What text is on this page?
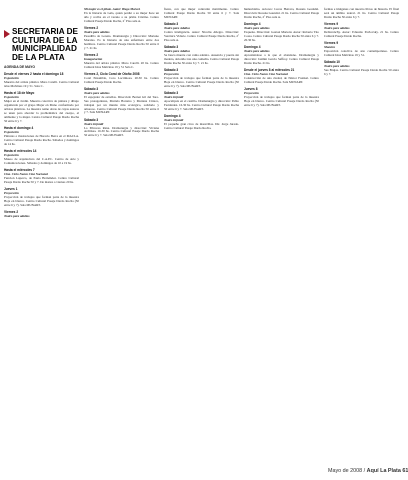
SECRETARIA DE CULTURA DE LA MUNICIPALIDAD DE LA PLATA
AGENDA DE MAYO
Desde el viernes 2 hasta el domingo 18
Exposición
Muestra del artista plástico Muro Carelli. Centro Cultural islas Malvinas 19 y 51. Sala C.
Hasta el 18 de Mayo
Exposición
Mujer en el Jardín. Muestra colectiva de pintura y dibujo organizada por el grupo Mujer en Mano conformado por artistas plásticas. La muestra reúne obras de cuyas autoras se unen para abordar la problemática del cuerpo, el ambiente y la mujer. Centro Cultural Pasaje Dardo Rocha 50 entre 6 y 7.
Hasta el domingo 4
Exposición
Pinturas e ilustraciones de Horacio Berra en el MACLA. Centro Cultural Pasaje Dardo Rocha. Sábados y domingos de 14 hs.
Hasta el miércoles 14
Exposición
Museo de arquitectura del C.A.P.C. Centro de Arte y Comunicaciones. Sábados y domingos de 10 a 19 hs.
Hasta el miércoles 7
Cine. Ciclo Nuevo Cine Nacional
Funcion Luperca, de Paula Hernández. Centro Cultural Pasaje Dardo Rocha 50 y 7. De martes a viernes 20 hs.
Jueves 1
Proyección
Proyección de trabajos que forman parte de la muestra Hoja en blanco. Centro Cultural Pasaje Dardo Rocha (50 entre 6 y 7). Sala MUNART.
Viernes 2
Teatro para adultos
Mi mujer es el piloto. Autor: Hugo Marcel.
En la historia de Gala, quien perdió a su mujer hace un año y recibe en el verano a su prima Cristina. Centro Cultural Pasaje Dardo Rocha, 2º Piso sala A.
Viernes 2
Teatro para adultos
Pesadilla de Lorena. Dramaturgia y Dirección: Mariano Morales. Es la historia de una enfermera entre dos hombres. Centro Cultural Pasaje Dardo Rocha 50 entre 6 y 7. 21 hs.
Viernes 2
Inauguración
Muestra del artista plástico Muro Carelli. 20 hs. Centro Cultural Islas Malvinas 19 y 51 Sala C.
Viernes 2, Ciclo Coral de Otoño 2008
Coral Ensamble, Coro Lacrimosa. 20.30 hs. Centro Cultural Pasaje Dardo Rocha.
Sábado 3
Teatro para adultos
El espejador de estrellas. Dirección: Bernat Gil del Toro. Sus protagonistas, Mariela Barreiro y Mariana Ciriaco, trabajan por un mundo más ecológico, solidario y amoroso. Centro Cultural Pasaje Dardo Rocha 50 entre 6 y 7. Sala MUNART.
Sábado 3
Teatro Infantil
La Princesa Rana. Dramaturgia y dirección: Viviana Arditissa. 16.30 hs. Centro Cultural Pasaje Dardo Rocha 50 entre 6 y 7. Sala MUNART.
fiesta, con que mujer contrarán matrimonio. Centro Cultural Pasaje Dardo Rocha 50 entre 6 y 7. Sala MUNART.
Sábado 3
Teatro para Adultos
Contra inteligencia. Autor: Nicolás Allegro. Dirección: Verónica Vidarte. Centro Cultural Pasaje Dardo Rocha, 2º Piso sala A.
Sábado 3
Teatro para Adultos
Se busca muerte con cama adentro. Ausencia y puerta sin madera, dolorido tras una comedia. Centro Cultural Pasaje Dardo Rocha 50 entre 6 y 7. 21 hs.
Sábado 3
Proyección
Proyección de trabajos que forman parte de la muestra Hoja en blanco. Centro Cultural Pasaje Dardo Rocha (50 entre 6 y 7). Sala MUNART.
Sábado 3
Teatro Infantil
Apocalipsis en el castillo. Dramaturgia y dirección: Pablo Fernández. 16.30 hs. Centro Cultural Pasaje Dardo Rocha 50 entre 6 y 7. Sala MUNART.
Domingo 4
Teatro Infantil
El pequeño gran circo de maravillas. Dir. Jorge Jurado. Centro Cultural Pasaje Dardo Rocha.
humorísimo. Actores: Lucas Herrera, Rosana Goundal. Dirección: Rosana Goundal. 21 hs. Centro Cultural Pasaje Dardo Rocha, 2º Piso sala A.
Domingo 4
Teatro para adultos
Esquena. Dirección: Gaston Marioni. Autor: Roberto Tito Cossa. Centro Cultural Pasaje Dardo Rocha 50 entre 6 y 7. 20.30 hs.
Domingo 4
Teatro para adultos
Aproxiéndose a la que el abandono. Dramaturgia y dirección: Jazmin Garcia Saffroy. Centro Cultural Pasaje Dardo Rocha. 21 hs.
Desde el jueves 8 al miércoles 21
Cine. Ciclo Nuevo Cine Nacional
Construcción de una ciudad, de Néstor Frenkel. Centro Cultural Pasaje Dardo Rocha. Sala MUNART.
Jueves 8
Proyección
Proyección de trabajos que forman parte de la muestra Hoja en blanco. Centro Cultural Pasaje Dardo Rocha (50 entre 6 y 7). Sala MUNART.
formas e imágenes con nuestro libros de historia. El final será un ámbito teatral. 21 hs. Centro Cultural Pasaje Dardo Rocha 50 entre 6 y 7.
Viernes 9
Teatro para adultos
Dellavenchy. Autor: Eduardo Pavlovsky. 21 hs. Centro Cultural Pasaje Dardo Rocha.
Viernes 9
Muestra
Exposición colectiva de arte contemporáneo. Centro Cultural Islas Malvinas 19 y 51.
Sábado 10
Teatro para adultos
Sus Brujas. Centro Cultural Pasaje Dardo Rocha 50 entre 6 y 7.
Mayo de 2008 / Aquí La Plata 61
